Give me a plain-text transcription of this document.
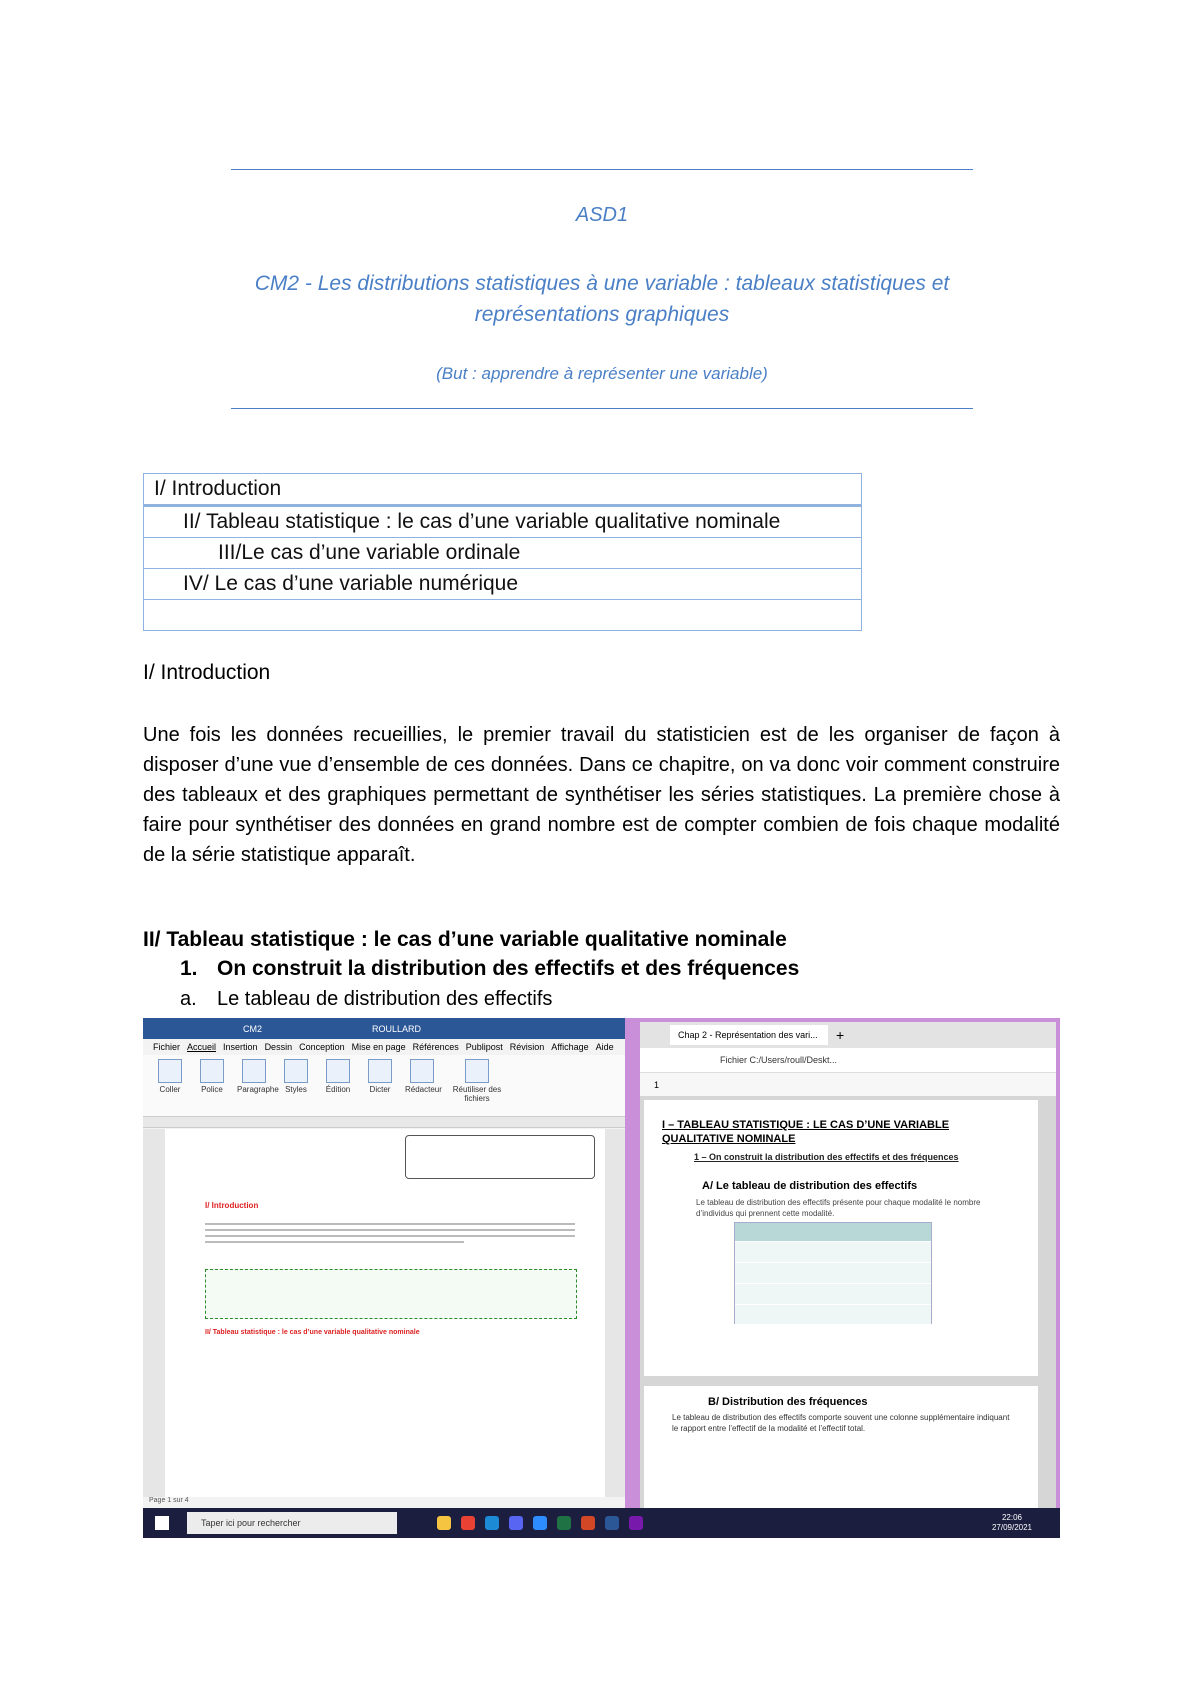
ASD1
CM2 - Les distributions statistiques à une variable : tableaux statistiques et représentations graphiques
(But : apprendre à représenter une variable)
I/ Introduction
II/ Tableau statistique : le cas d’une variable qualitative nominale
III/Le cas d’une variable ordinale
IV/ Le cas d’une variable numérique
I/ Introduction
Une fois les données recueillies, le premier travail du statisticien est de les organiser de façon à disposer d’une vue d’ensemble de ces données. Dans ce chapitre, on va donc voir comment construire des tableaux et des graphiques permettant de synthétiser les séries statistiques. La première chose à faire pour synthétiser des données en grand nombre est de compter combien de fois chaque modalité de la série statistique apparaît.
II/ Tableau statistique : le cas d’une variable qualitative nominale
1. On construit la distribution des effectifs et des fréquences
a. Le tableau de distribution des effectifs
CM2	ROULLARD
Fichier Accueil Insertion Dessin Conception Mise en page Références Publipost Révision Affichage Aide
Coller	Police	Paragraphe Styles	Édition	Dicter	Rédacteur	Réutiliser des fichiers
I/ Introduction
II/ Tableau statistique : le cas d’une variable qualitative nominale
Page 1 sur 4
Chap 2 - Représentation des vari...	+
Fichier C:/Users/roull/Deskt...
1
I – TABLEAU STATISTIQUE : LE CAS D’UNE VARIABLE QUALITATIVE NOMINALE
1 – On construit la distribution des effectifs et des fréquences
A/ Le tableau de distribution des effectifs
Le tableau de distribution des effectifs présente pour chaque modalité le nombre d’individus qui prennent cette modalité.
B/ Distribution des fréquences
Le tableau de distribution des effectifs comporte souvent une colonne supplémentaire indiquant le rapport entre l’effectif de la modalité et l’effectif total.
Taper ici pour rechercher
22:06
27/09/2021
